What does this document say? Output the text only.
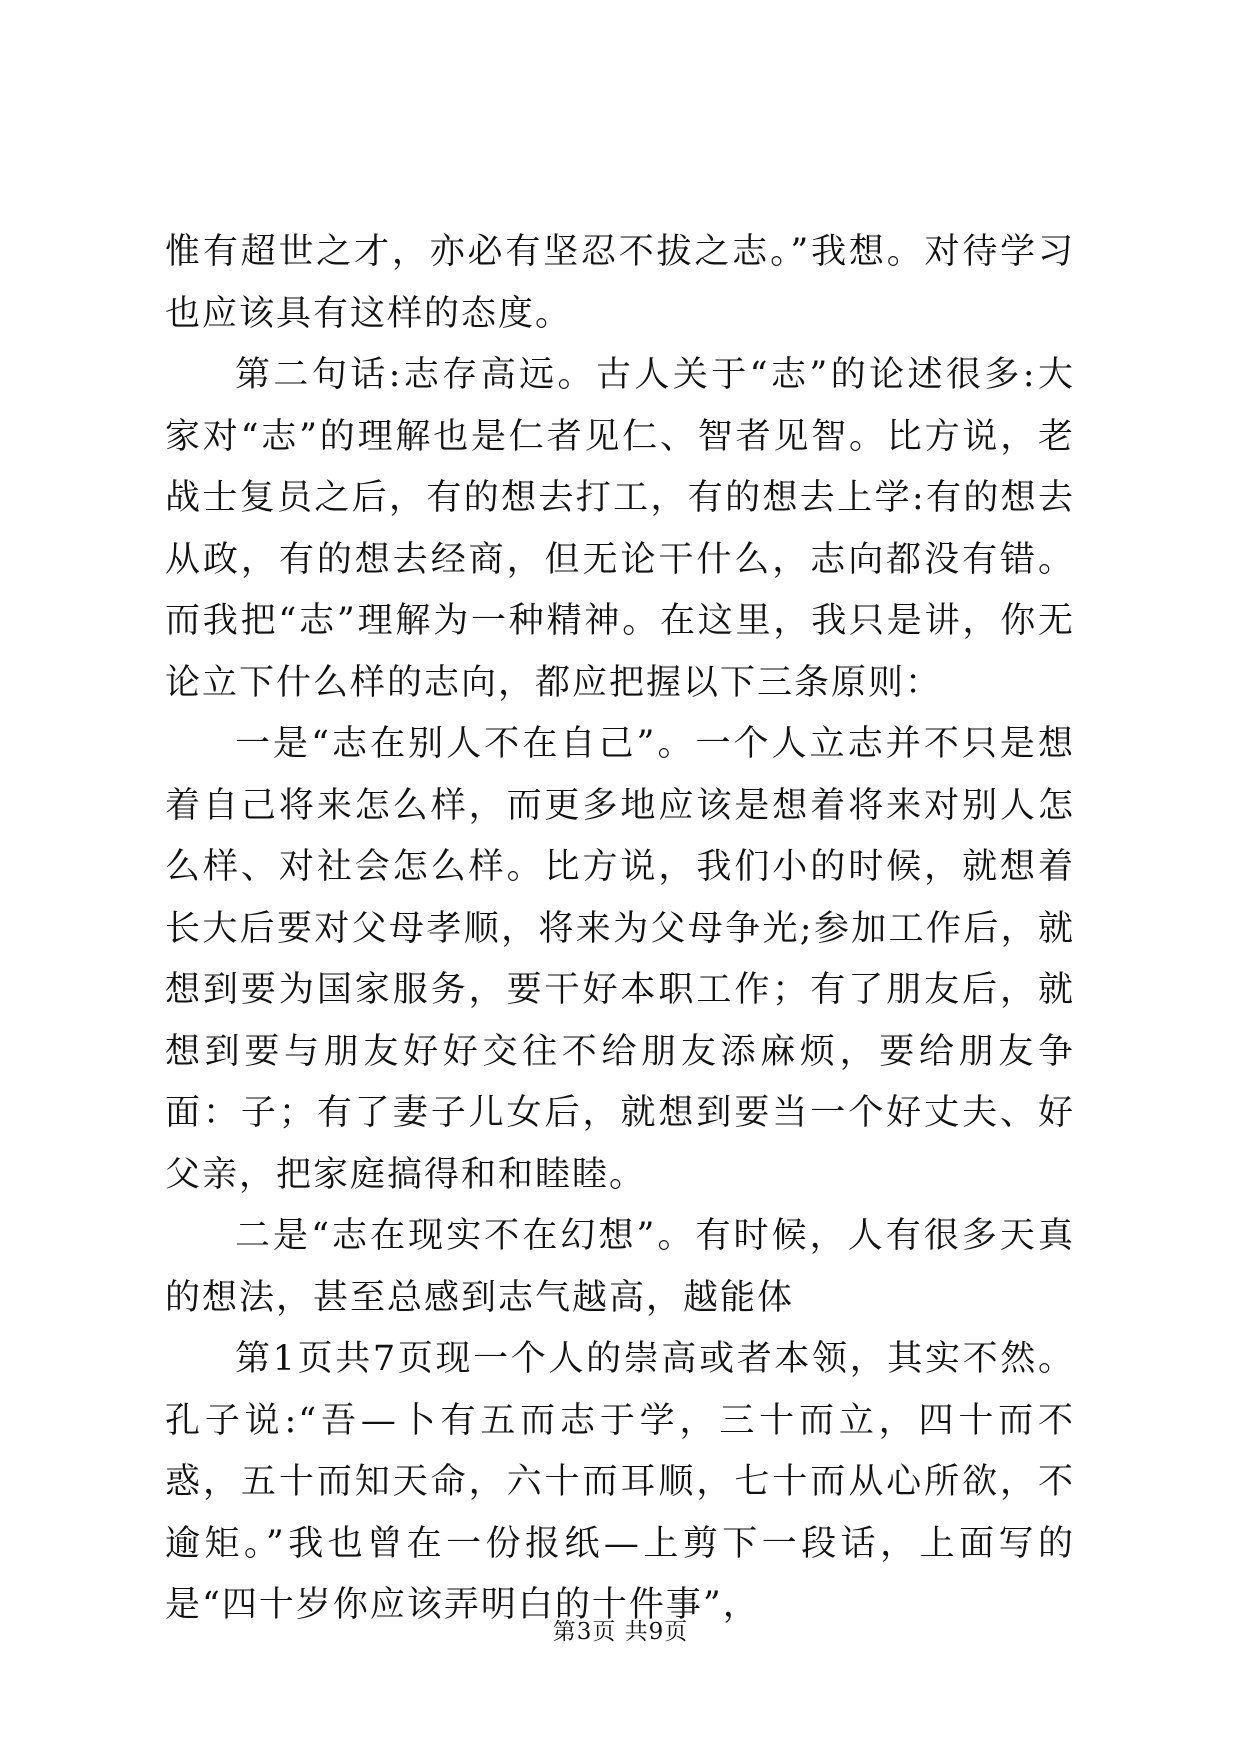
惟有超世之才，亦必有坚忍不拔之志。”我想。对待学习也应该具有这样的态度。

第二句话:志存高远。古人关于“志”的论述很多:大家对“志”的理解也是仁者见仁、智者见智。比方说，老战士复员之后，有的想去打工，有的想去上学:有的想去从政，有的想去经商，但无论干什么，志向都没有错。而我把“志”理解为一种精神。在这里，我只是讲，你无论立下什么样的志向，都应把握以下三条原则：

一是“志在别人不在自己”。一个人立志并不只是想着自己将来怎么样，而更多地应该是想着将来对别人怎么样、对社会怎么样。比方说，我们小的时候，就想着长大后要对父母孝顺，将来为父母争光;参加工作后，就想到要为国家服务，要干好本职工作；有了朋友后，就想到要与朋友好好交往不给朋友添麻烦，要给朋友争面：子；有了妻子儿女后，就想到要当一个好丈夫、好父亲，把家庭搞得和和睦睦。

二是“志在现实不在幻想”。有时候，人有很多天真的想法，甚至总感到志气越高，越能体

第1页共7页现一个人的崇高或者本领，其实不然。孔子说:“吾—卜有五而志于学，三十而立，四十而不惑，五十而知天命，六十而耳顺，七十而从心所欲，不逾矩。”我也曾在一份报纸—上剪下一段话，上面写的是“四十岁你应该弄明白的十件事”，

第3页 共9页
